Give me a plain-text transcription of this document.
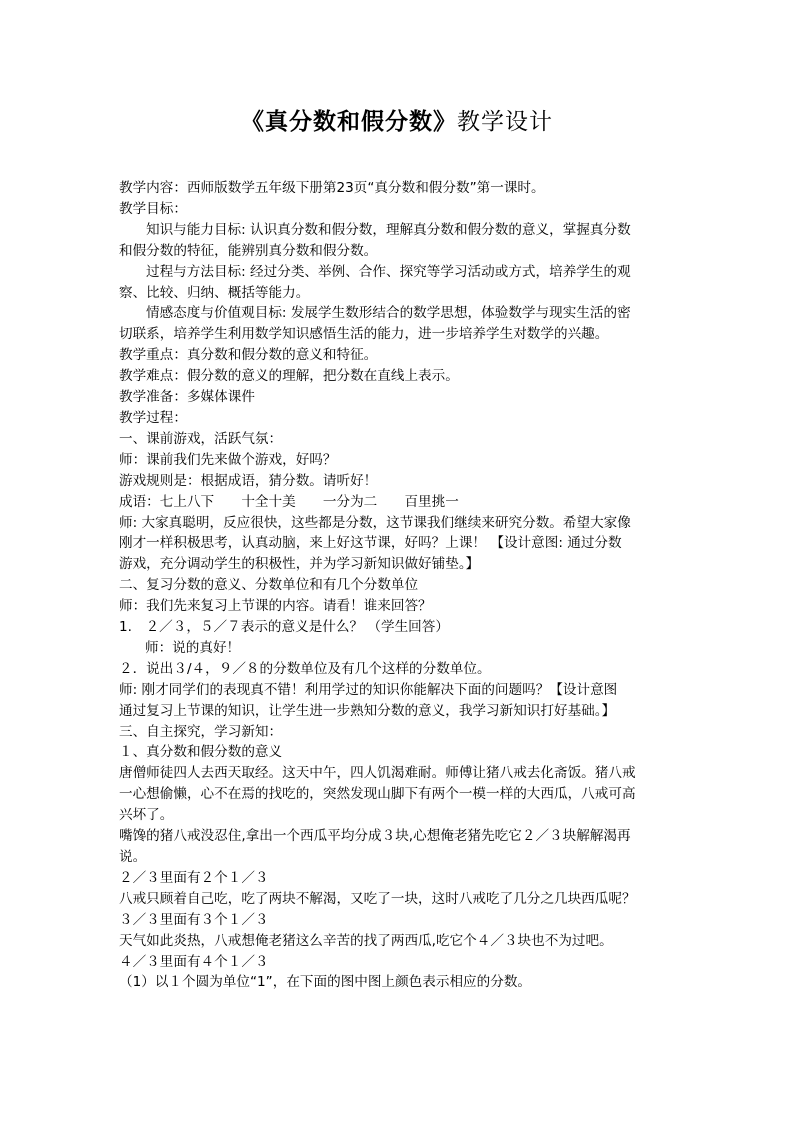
《真分数和假分数》教学设计

教学内容：西师版数学五年级下册第23页“真分数和假分数”第一课时。

教学目标：

知识与能力目标: 认识真分数和假分数，理解真分数和假分数的意义，掌握真分数

和假分数的特征，能辨别真分数和假分数。

过程与方法目标: 经过分类、举例、合作、探究等学习活动或方式，培养学生的观

察、比较、归纳、概括等能力。

情感态度与价值观目标: 发展学生数形结合的数学思想，体验数学与现实生活的密

切联系，培养学生利用数学知识感悟生活的能力，进一步培养学生对数学的兴趣。

教学重点：真分数和假分数的意义和特征。

教学难点：假分数的意义的理解，把分数在直线上表示。

教学准备：多媒体课件

教学过程：

一、课前游戏，活跃气氛：

师：课前我们先来做个游戏，好吗？

游戏规则是：根据成语，猜分数。请听好！

成语：七上八下　　十全十美　　一分为二　　百里挑一

师: 大家真聪明，反应很快，这些都是分数，这节课我们继续来研究分数。希望大家像

刚才一样积极思考，认真动脑，来上好这节课，好吗？上课！ 【设计意图: 通过分数

游戏，充分调动学生的积极性，并为学习新知识做好铺垫。】

二、复习分数的意义、分数单位和有几个分数单位

师：我们先来复习上节课的内容。请看！谁来回答？

1.　２／３，５／７表示的意义是什么？ （学生回答）

师：说的真好！

２．说出３/４，９／８的分数单位及有几个这样的分数单位。

师: 刚才同学们的表现真不错！利用学过的知识你能解决下面的问题吗？【设计意图

通过复习上节课的知识，让学生进一步熟知分数的意义，我学习新知识打好基础。】

三、自主探究，学习新知：

１、真分数和假分数的意义

唐僧师徒四人去西天取经。这天中午，四人饥渴难耐。师傅让猪八戒去化斋饭。猪八戒

一心想偷懒，心不在焉的找吃的，突然发现山脚下有两个一模一样的大西瓜，八戒可高

兴坏了。

嘴馋的猪八戒没忍住,拿出一个西瓜平均分成３块,心想俺老猪先吃它２／３块解解渴再

说。

２／３里面有２个１／３

八戒只顾着自己吃，吃了两块不解渴，又吃了一块，这时八戒吃了几分之几块西瓜呢？

３／３里面有３个１／３

天气如此炎热，八戒想俺老猪这么辛苦的找了两西瓜,吃它个４／３块也不为过吧。

４／３里面有４个１／３

（1）以１个圆为单位“1”，在下面的图中图上颜色表示相应的分数。
